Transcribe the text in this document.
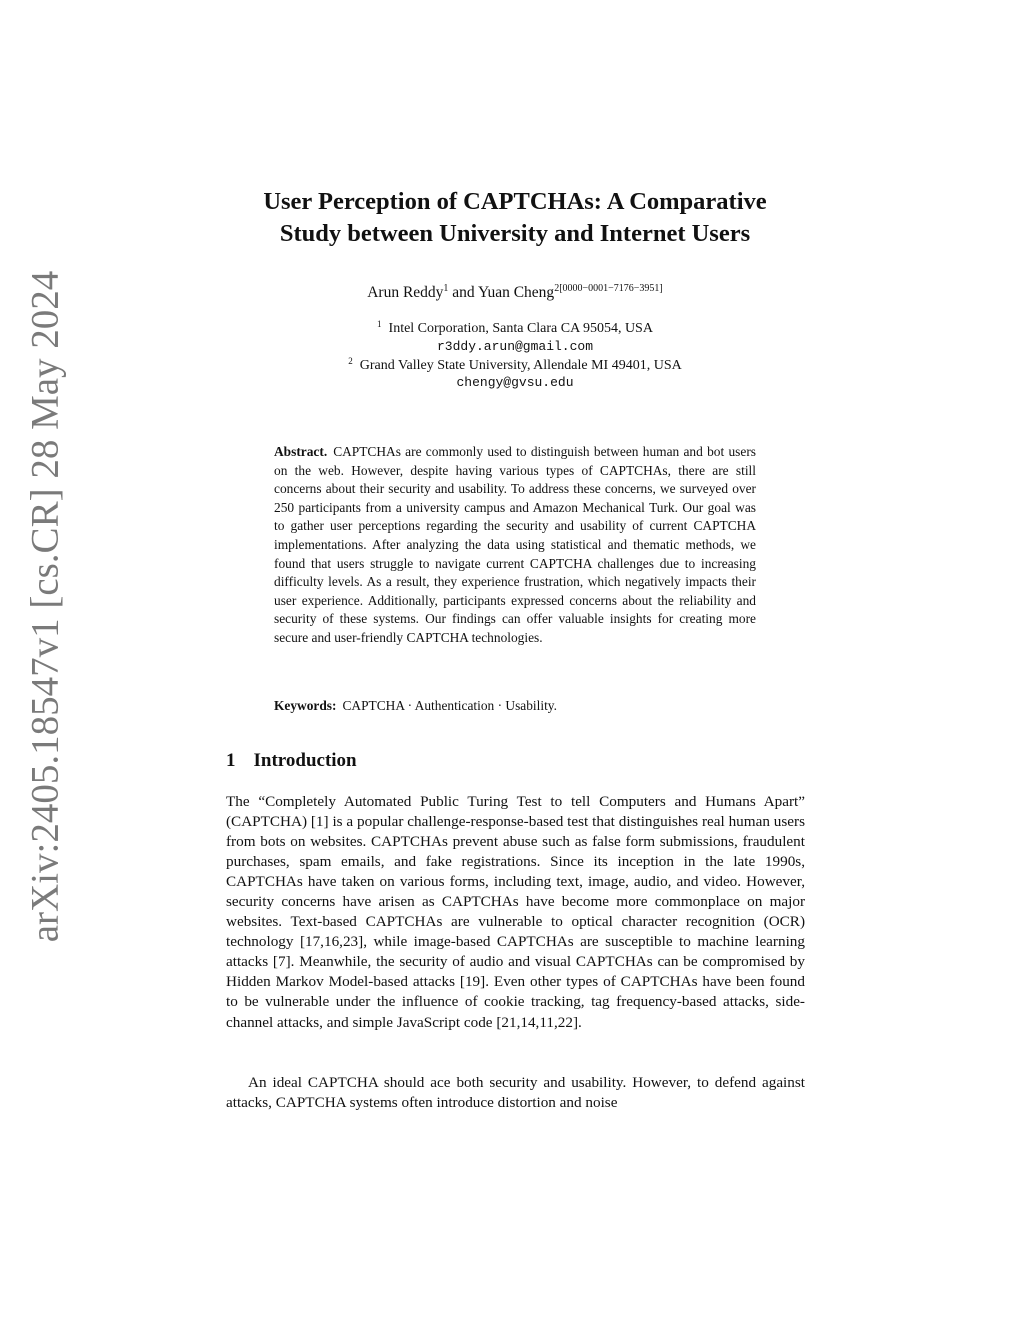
arXiv:2405.18547v1 [cs.CR] 28 May 2024
User Perception of CAPTCHAs: A Comparative
Study between University and Internet Users
Arun Reddy$^1$ and Yuan Cheng$^{2[0000-0001-7176-3951]}$
$^1$ Intel Corporation, Santa Clara CA 95054, USA
r3ddy.arun@gmail.com
$^2$ Grand Valley State University, Allendale MI 49401, USA
chengy@gvsu.edu

Abstract. CAPTCHAs are commonly used to distinguish between human and bot users on the web. However, despite having various types of CAPTCHAs, there are still concerns about their security and usability. To address these concerns, we surveyed over 250 participants from a university campus and Amazon Mechanical Turk. Our goal was to gather user perceptions regarding the security and usability of current CAPTCHA implementations. After analyzing the data using statistical and thematic methods, we found that users struggle to navigate current CAPTCHA challenges due to increasing difficulty levels. As a result, they experience frustration, which negatively impacts their user experience. Additionally, participants expressed concerns about the reliability and security of these systems. Our findings can offer valuable insights for creating more secure and user-friendly CAPTCHA technologies.

Keywords: CAPTCHA · Authentication · Usability.
1 Introduction

The “Completely Automated Public Turing Test to tell Computers and Humans Apart” (CAPTCHA) [1] is a popular challenge-response-based test that distinguishes real human users from bots on websites. CAPTCHAs prevent abuse such as false form submissions, fraudulent purchases, spam emails, and fake registrations. Since its inception in the late 1990s, CAPTCHAs have taken on various forms, including text, image, audio, and video. However, security concerns have arisen as CAPTCHAs have become more commonplace on major websites. Text-based CAPTCHAs are vulnerable to optical character recognition (OCR) technology [17,16,23], while image-based CAPTCHAs are susceptible to machine learning attacks [7]. Meanwhile, the security of audio and visual CAPTCHAs can be compromised by Hidden Markov Model-based attacks [19]. Even other types of CAPTCHAs have been found to be vulnerable under the influence of cookie tracking, tag frequency-based attacks, side-channel attacks, and simple JavaScript code [21,14,11,22].

An ideal CAPTCHA should ace both security and usability. However, to defend against attacks, CAPTCHA systems often introduce distortion and noise
